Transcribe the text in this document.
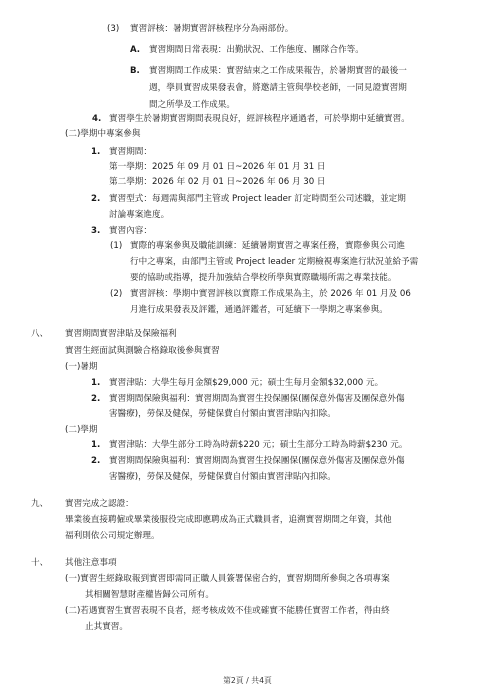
(3) 實習評核：暑期實習評核程序分為兩部份。
A. 實習期間日常表現：出勤狀況、工作態度、團隊合作等。
B. 實習期間工作成果：實習結束之工作成果報告，於暑期實習的最後一
週，學員實習成果發表會，將邀請主管與學校老師，一同見證實習期
間之所學及工作成果。
4. 實習學生於暑期實習期間表現良好，經評核程序通過者，可於學期中延續實習。
(二)學期中專案參與
1. 實習期間：
第一學期：2025 年 09 月 01 日~2026 年 01 月 31 日
第二學期：2026 年 02 月 01 日~2026 年 06 月 30 日
2. 實習型式：每週需與部門主管或 Project leader 訂定時間至公司述職，並定期
討論專案進度。
3. 實習內容：
(1) 實際的專案參與及職能訓練：延續暑期實習之專案任務，實際參與公司進
行中之專案，由部門主管或 Project leader 定期檢視專案進行狀況並給予需
要的協助或指導，提升加強結合學校所學與實際職場所需之專業技能。
(2) 實習評核：學期中實習評核以實際工作成果為主，於 2026 年 01 月及 06
月進行成果發表及評鑑，通過評鑑者，可延續下一學期之專案參與。
八、 實習期間實習津貼及保險福利
實習生經面試與測驗合格錄取後參與實習
(一)暑期
1. 實習津貼：大學生每月金額$29,000 元；碩士生每月金額$32,000 元。
2. 實習期間保險與福利：實習期間為實習生投保團保(團保意外傷害及團保意外傷
害醫療)，勞保及健保，勞健保費自付額由實習津貼內扣除。
(二)學期
1. 實習津貼：大學生部分工時為時薪$220 元；碩士生部分工時為時薪$230 元。
2. 實習期間保險與福利：實習期間為實習生投保團保(團保意外傷害及團保意外傷
害醫療)，勞保及健保，勞健保費自付額由實習津貼內扣除。
九、 實習完成之認證：
畢業後直接聘僱或畢業後服役完成即應聘成為正式職員者，追溯實習期間之年資，其他
福利則依公司規定辦理。
十、 其他注意事項
(一)實習生經錄取報到實習即需同正職人員簽署保密合約，實習期間所參與之各項專案
其相關智慧財產權皆歸公司所有。
(二)若遇實習生實習表現不良者，經考核成效不佳或確實不能勝任實習工作者，得由終
止其實習。
第2頁 / 共4頁
